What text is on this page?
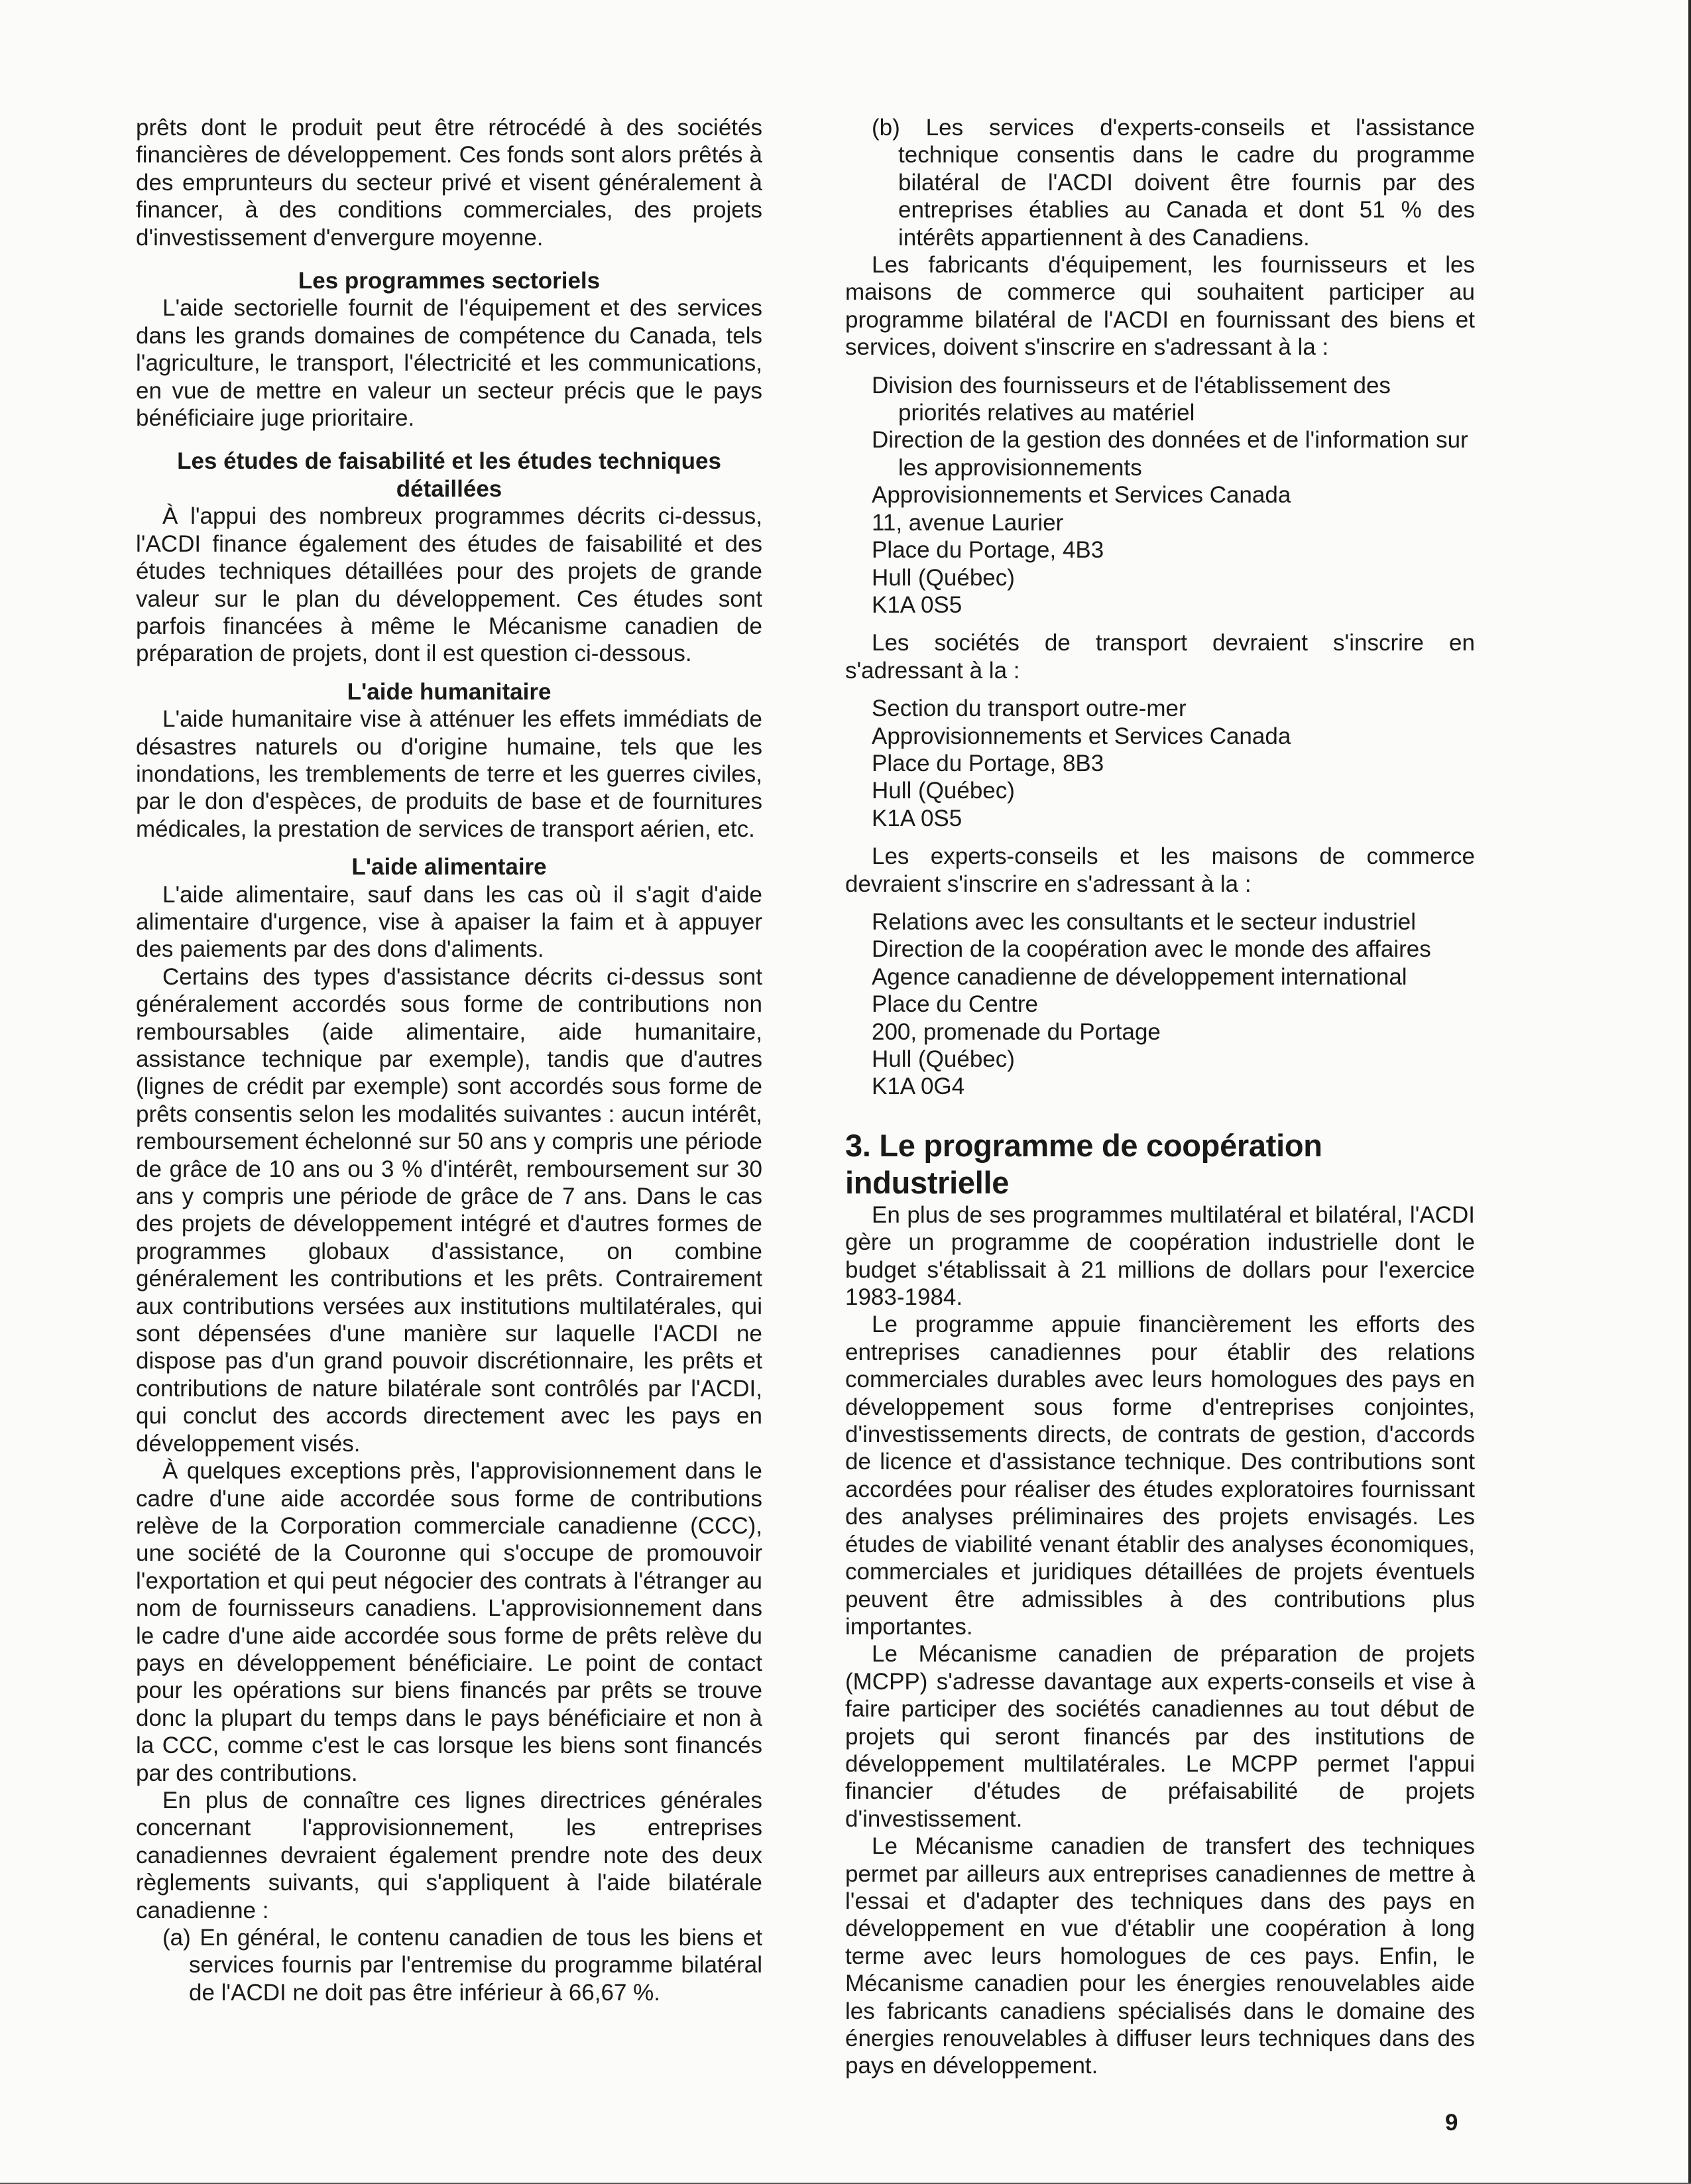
prêts dont le produit peut être rétrocédé à des sociétés financières de développement. Ces fonds sont alors prêtés à des emprunteurs du secteur privé et visent généralement à financer, à des conditions commerciales, des projets d'investissement d'envergure moyenne.

Les programmes sectoriels

L'aide sectorielle fournit de l'équipement et des services dans les grands domaines de compétence du Canada, tels l'agriculture, le transport, l'électricité et les communications, en vue de mettre en valeur un secteur précis que le pays bénéficiaire juge prioritaire.

Les études de faisabilité et les études techniques détaillées

À l'appui des nombreux programmes décrits ci-dessus, l'ACDI finance également des études de faisabilité et des études techniques détaillées pour des projets de grande valeur sur le plan du développement. Ces études sont parfois financées à même le Mécanisme canadien de préparation de projets, dont il est question ci-dessous.

L'aide humanitaire

L'aide humanitaire vise à atténuer les effets immédiats de désastres naturels ou d'origine humaine, tels que les inondations, les tremblements de terre et les guerres civiles, par le don d'espèces, de produits de base et de fournitures médicales, la prestation de services de transport aérien, etc.

L'aide alimentaire

L'aide alimentaire, sauf dans les cas où il s'agit d'aide alimentaire d'urgence, vise à apaiser la faim et à appuyer des paiements par des dons d'aliments.

Certains des types d'assistance décrits ci-dessus sont généralement accordés sous forme de contributions non remboursables (aide alimentaire, aide humanitaire, assistance technique par exemple), tandis que d'autres (lignes de crédit par exemple) sont accordés sous forme de prêts consentis selon les modalités suivantes : aucun intérêt, remboursement échelonné sur 50 ans y compris une période de grâce de 10 ans ou 3 % d'intérêt, remboursement sur 30 ans y compris une période de grâce de 7 ans. Dans le cas des projets de développement intégré et d'autres formes de programmes globaux d'assistance, on combine généralement les contributions et les prêts. Contrairement aux contributions versées aux institutions multilatérales, qui sont dépensées d'une manière sur laquelle l'ACDI ne dispose pas d'un grand pouvoir discrétionnaire, les prêts et contributions de nature bilatérale sont contrôlés par l'ACDI, qui conclut des accords directement avec les pays en développement visés.

À quelques exceptions près, l'approvisionnement dans le cadre d'une aide accordée sous forme de contributions relève de la Corporation commerciale canadienne (CCC), une société de la Couronne qui s'occupe de promouvoir l'exportation et qui peut négocier des contrats à l'étranger au nom de fournisseurs canadiens. L'approvisionnement dans le cadre d'une aide accordée sous forme de prêts relève du pays en développement bénéficiaire. Le point de contact pour les opérations sur biens financés par prêts se trouve donc la plupart du temps dans le pays bénéficiaire et non à la CCC, comme c'est le cas lorsque les biens sont financés par des contributions.

En plus de connaître ces lignes directrices générales concernant l'approvisionnement, les entreprises canadiennes devraient également prendre note des deux règlements suivants, qui s'appliquent à l'aide bilatérale canadienne :

(a) En général, le contenu canadien de tous les biens et services fournis par l'entremise du programme bilatéral de l'ACDI ne doit pas être inférieur à 66,67 %.

(b) Les services d'experts-conseils et l'assistance technique consentis dans le cadre du programme bilatéral de l'ACDI doivent être fournis par des entreprises établies au Canada et dont 51 % des intérêts appartiennent à des Canadiens.

Les fabricants d'équipement, les fournisseurs et les maisons de commerce qui souhaitent participer au programme bilatéral de l'ACDI en fournissant des biens et services, doivent s'inscrire en s'adressant à la :

Division des fournisseurs et de l'établissement des priorités relatives au matériel
Direction de la gestion des données et de l'information sur les approvisionnements
Approvisionnements et Services Canada
11, avenue Laurier
Place du Portage, 4B3
Hull (Québec)
K1A 0S5

Les sociétés de transport devraient s'inscrire en s'adressant à la :

Section du transport outre-mer
Approvisionnements et Services Canada
Place du Portage, 8B3
Hull (Québec)
K1A 0S5

Les experts-conseils et les maisons de commerce devraient s'inscrire en s'adressant à la :

Relations avec les consultants et le secteur industriel
Direction de la coopération avec le monde des affaires
Agence canadienne de développement international
Place du Centre
200, promenade du Portage
Hull (Québec)
K1A 0G4
3. Le programme de coopération industrielle

En plus de ses programmes multilatéral et bilatéral, l'ACDI gère un programme de coopération industrielle dont le budget s'établissait à 21 millions de dollars pour l'exercice 1983-1984.

Le programme appuie financièrement les efforts des entreprises canadiennes pour établir des relations commerciales durables avec leurs homologues des pays en développement sous forme d'entreprises conjointes, d'investissements directs, de contrats de gestion, d'accords de licence et d'assistance technique. Des contributions sont accordées pour réaliser des études exploratoires fournissant des analyses préliminaires des projets envisagés. Les études de viabilité venant établir des analyses économiques, commerciales et juridiques détaillées de projets éventuels peuvent être admissibles à des contributions plus importantes.

Le Mécanisme canadien de préparation de projets (MCPP) s'adresse davantage aux experts-conseils et vise à faire participer des sociétés canadiennes au tout début de projets qui seront financés par des institutions de développement multilatérales. Le MCPP permet l'appui financier d'études de préfaisabilité de projets d'investissement.

Le Mécanisme canadien de transfert des techniques permet par ailleurs aux entreprises canadiennes de mettre à l'essai et d'adapter des techniques dans des pays en développement en vue d'établir une coopération à long terme avec leurs homologues de ces pays. Enfin, le Mécanisme canadien pour les énergies renouvelables aide les fabricants canadiens spécialisés dans le domaine des énergies renouvelables à diffuser leurs techniques dans des pays en développement.

9
